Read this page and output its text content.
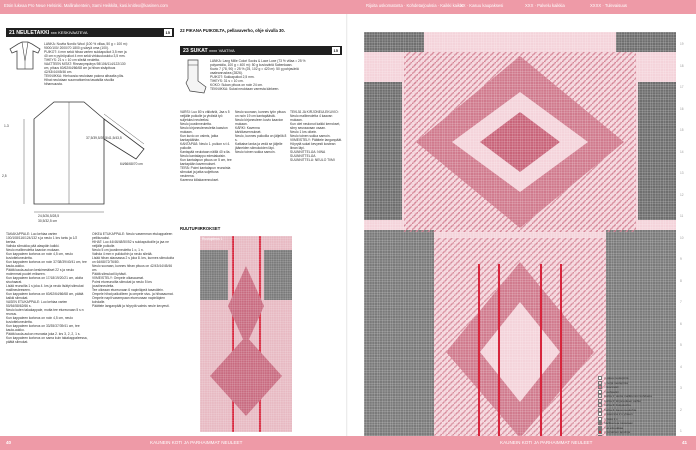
Etsin lukeaa Pro Neue Helsinki. Mallirakentein, Sami Heikkilä, kasi.knitlex@kasinen.com	Rijoita uskomatonta · Kohdetarjouksia · Kaikki kaikin
XX · Kasuu kaupaksesi	XXX · Palvelu kaikkia	XXXX · Tulevaisuus
21 NEULETAKKI xxx KESKIVAATEVA	15
LANKA: Novita Nordic Wool (100 % villaa, 50 g = 100 m):
9000/100/ 2000/70 1800 g sävyä oma (100).
PUIKOT: 4 mm sekä hihaa varten sukkapuikot 3,5 mm ja
40 cm:n pyöröpuikot 4 mm sekä virkkuukoukku 3,5 mm.
TIHEYS: 21 s = 10 cm sileää neuletta.
VAATTEEN MITAT: Rinnanympärys 98/106/114/122/130
cm, pituus 60/62/64/66/68 cm ja hihan sisäpituus
42/43/44/45/46 cm.
TEKNIIKKA: Hiehuosia neulotaan palona alhaalta ylös.
Hihat neulotaan suunnattomina tasaisilla sivuilla
hihansuusta.
1-3
37,5/39,5/39,5/41,5/43,5
64/66/68/70 cm
2,5
24,5/26,5/28,5
30,5/32,5 cm
TAKAKAPPALE: Luo kehiaa varten 100/108/116/124/132 s ja neulo 1 krs tuntu ja 1/2 kertaa.
Vaihda silmukka pää alaspäin kaikki.
Neulo mallineuletta kaavion mukaan.
Kun kappaleen korkeus on noin 4,5 cm, neulo kuviotteluneuletta.
Kun kappaleen korkeus on noin 37/38/39/40/41 cm, tee kaula-aukko.
Päätä kaula-aukon keskimmäiset 22 s ja neulo molemmat puolet erikseen.
Kun kappaleen korkeus on 17/18/19/20/21 cm, aloita sivuhaarat.
Lisää reunoilta 1 s joka 4. krs ja neulo lisätyt silmukat mallineuleeseen.
Kun kappaleen korkeus on 60/62/64/66/68 cm, päätä kaikki silmukat.
VASEN ETUKAPPALE: Luo kehiaa varten 50/54/58/62/66 s.
Neulo kuten takakappale, mutta tee etureunaan 5 s:n reunus.
Kun kappaleen korkeus on noin 4,5 cm, neulo kuviotteluneuletta.
Kun kappaleen korkeus on 33/35/37/39/41 cm, tee kaula-aukko.
Päätä kaula-aukon reunasta joka 2. krs 3, 2, 2, 1 s.
Kun kappaleen korkeus on sama kuin takakappaleessa, päätä silmukat.
OIKEA ETUKAPPALE: Neulo vasemman etukappaleen peilikuvaksi.
HIHAT: Luo 44/46/48/50/52 s sukkapuikoille ja jaa ne neljälle puikolle.
Neulo 5 cm joustinneuletta 1 o, 1 n.
Vaihda 4 mm:n puikkoihin ja neulo sileää.
Lisää hihan alaosassa 2 s joka 8. krs, kunnes silmukoita on 64/68/72/76/80.
Neulo suoraan, kunnes hihan pituus on 42/43/44/45/46 cm.
Päätä silmukat löyhästi.
VIIMEISTELY: Ompele olkasaumat.
Poimi etureunoilta silmukat ja neulo 5 krs joustinneuletta.
Tee oikeaan etureunaan 6 napinläpeä tasavälein.
Ompele hihat paikoilleen ja ompele sivu- ja hihasaumat.
Ompele napit vasempaan etureunaan napinläpien kohdalle.
Päättele langanpäät ja höyrytä valmis neule kevyesti.
22 PIKANA PUIKOILTA, pellavaverho, ohje sivulla 30.
23 SUKAT xxxx VAATIVA	15
LANKA: Lang Mille Colori Socks & Lace Luxe (73 % villaa = 25 %
polyamidia, 100 g = 400 m): 50 g kuvioväriä Sabenkaan.
Kuvio 7 (78, 90) = 25 % (25, 102 g = 420 m): 50 g pohjaväriä
vaaleanruskea (2826).
PUIKOT: Sukkapuikot 2,5 mm.
TIHEYS: 31 s = 10 cm.
KOKO: Sukan pituus on noin 24 cm.
TEKNIIKKA: Sukat neulotaan varresta kärkeen.
VARSI: Luo 80 s väliväriä, Jaa s 5 neljälle puikolle ja yhdistä työ suljetuksi neuleeksi.
Neulo joustinneuletta.
Neulo kirjoneuleneuletta kaavion mukaan.
Kun kuvio on valmis, jatka kantapäähän.
KANTAPÄÄ: Neulo 1. puikon s:t 4. puikolle.
Kantapää neulotaan näillä 40 s:lla.
Neulo kantalappu edestakaisin.
Kun kantalapun pituus on 5 cm, tee kantapään kavennukset.
TERÄ: Poimi kantalapun reunoista silmukat ja jatka suljettuna neuleena.
Kavenna kiilakavennukset.
Neulo suoraan, kunnes työn pituus on noin 19 cm kantapäästä.
Neulo kirjoneuleen kuvio kaavion mukaan.
KÄRKI: Kavenna kärkikavennukset.
Neulo, kunnes puikoilla on jäljellä 8 s.
Katkaise lanka ja vedä se jäljelle jääneiden silmukoiden läpi.
Neulo toinen sukka samoin.
TEKIJÄ JA KIRJONEULEKUVIO: Neulo mallineuletta 4 kaavan mukaan.
Kun olet neulonut kaikki kerrokset, siirry seuraavaan osaan.
Neulo 1 krs oikein.
Neulo toinen sukka samoin.
VIIMEISTELY: Päättele langanpäät.
Höyrytä sukat kevyesti kostean liinan läpi.
SUUNNITTELIJA: NINA SUUNNITTELIJA
SUUNNITTELU: NEULO TIIMI
RUUTUPIIRROKSET
19
18
17
16
15
14
13
12
11
10
9
8
7
6
5
4
3
2
1
= oikea neulepinta
= nurja neulepinta
= kuvioväri
= pohjaväri
Kohta 1: aloita mallikuvion kohdasta
Kohta 2: kirjoneuleen vaihto
Kohta 3: lisäyskohta
Kohta 4: kavennuskohta
= kavenna 2 s yhteen
= lisää 1 s
Mallikertoja toistetaan
= ei silmukkaa
= punainen apulinja
40	KAUNEIN KOTI JA PARHAIMMAT NEULEET	KAUNEIN KOTI JA PARHAIMMAT NEULEET	41
